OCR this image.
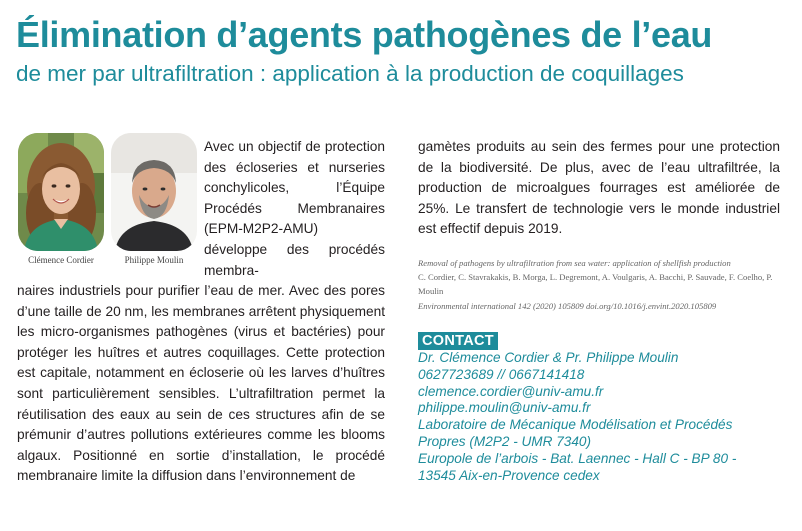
Élimination d’agents pathogènes de l’eau
de mer par ultrafiltration : application à la production de coquillages
Clémence Cordier	Philippe Moulin

Avec un objectif de protection des écloseries et nurseries conchylicoles, l’Équipe Procédés Membranaires (EPM-M2P2-AMU) développe des procédés membra-

naires industriels pour purifier l’eau de mer. Avec des pores d’une taille de 20 nm, les membranes arrêtent physiquement les micro-organismes pathogènes (virus et bactéries) pour protéger les huîtres et autres coquillages. Cette protection est capitale, notamment en écloserie où les larves d’huîtres sont particulièrement sensibles. L’ultrafiltration permet la réutilisation des eaux au sein de ces structures afin de se prémunir d’autres pollutions extérieures comme les blooms algaux. Positionné en sortie d’installation, le procédé membranaire limite la diffusion dans l’environnement de

gamètes produits au sein des fermes pour une protection de la biodiversité. De plus, avec de l’eau ultrafiltrée, la production de microalgues fourrages est améliorée de 25%. Le transfert de technologie vers le monde industriel est effectif depuis 2019.

Removal of pathogens by ultrafiltration from sea water: application of shellfish production
C. Cordier, C. Stavrakakis, B. Morga, L. Degremont, A. Voulgaris, A. Bacchi, P. Sauvade, F. Coelho, P. Moulin
Environmental international 142 (2020) 105809 doi.org/10.1016/j.envint.2020.105809
CONTACT
Dr. Clémence Cordier & Pr. Philippe Moulin
0627723689 // 0667141418
clemence.cordier@univ-amu.fr
philippe.moulin@univ-amu.fr
Laboratoire de Mécanique Modélisation et Procédés
Propres (M2P2 - UMR 7340)
Europole de l’arbois - Bat. Laennec - Hall C - BP 80 -
13545 Aix-en-Provence cedex
